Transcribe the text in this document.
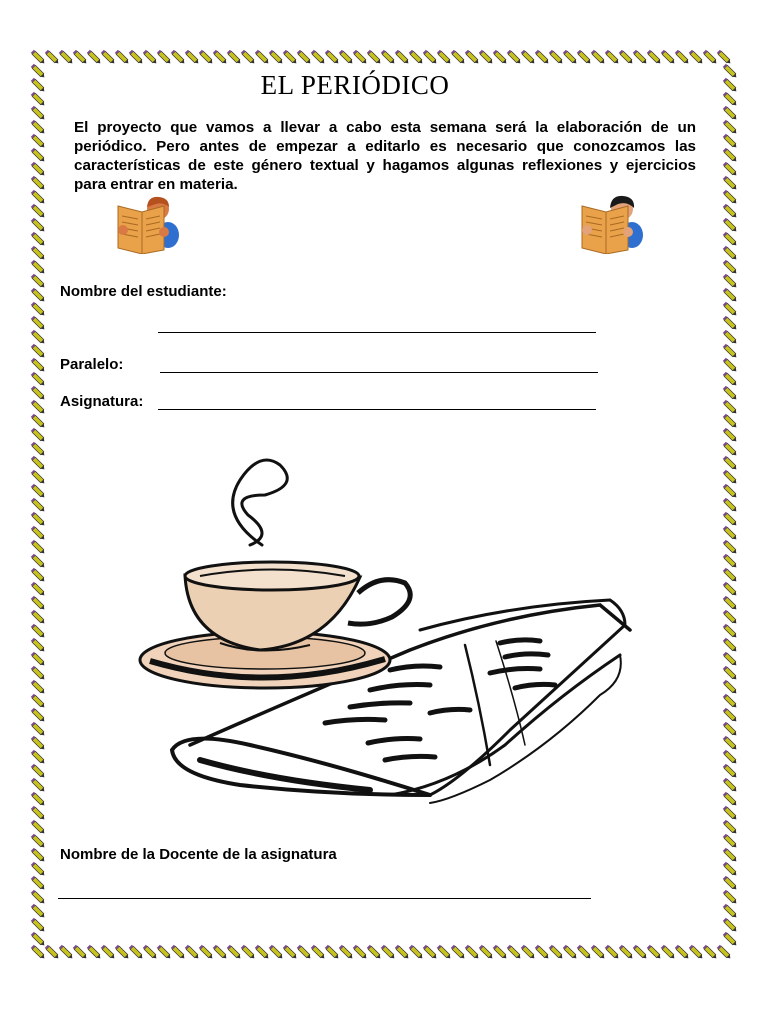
EL PERIÓDICO
El proyecto que vamos a llevar a cabo esta semana será la elaboración de un periódico. Pero antes de empezar a editarlo es necesario que conozcamos las características de este género textual y hagamos algunas reflexiones y ejercicios para entrar en materia.
Nombre del estudiante:
Paralelo:
Asignatura:
Nombre de la Docente de la asignatura
